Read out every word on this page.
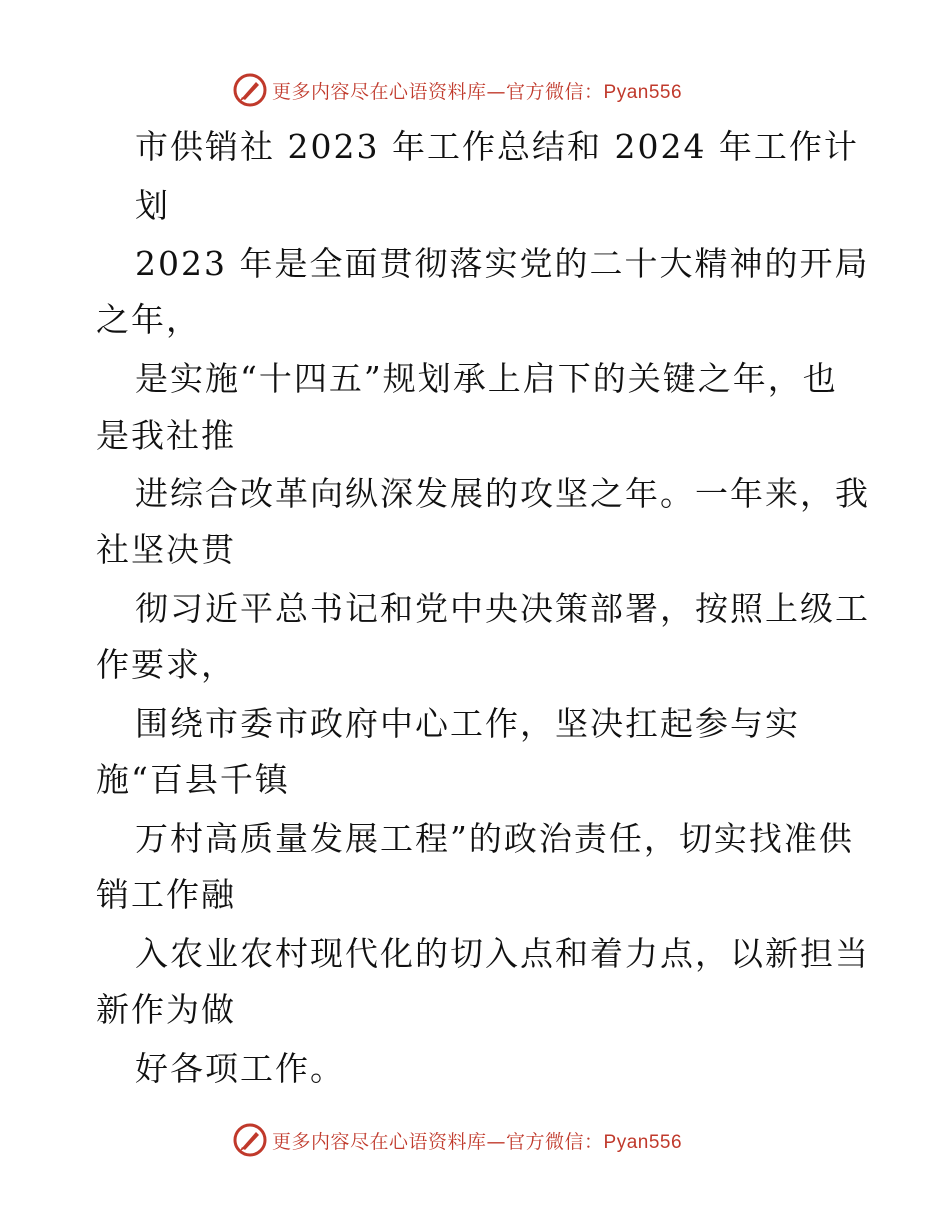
更多内容尽在心语资料库—官方微信：Pyan556
市供销社 2023 年工作总结和 2024 年工作计
划
2023 年是全面贯彻落实党的二十大精神的开局
之年，
是实施“十四五”规划承上启下的关键之年，也
是我社推
进综合改革向纵深发展的攻坚之年。一年来，我
社坚决贯
彻习近平总书记和党中央决策部署，按照上级工
作要求，
围绕市委市政府中心工作，坚决扛起参与实
施“百县千镇
万村高质量发展工程”的政治责任，切实找准供
销工作融
入农业农村现代化的切入点和着力点，以新担当
新作为做
好各项工作。
更多内容尽在心语资料库—官方微信：Pyan556
